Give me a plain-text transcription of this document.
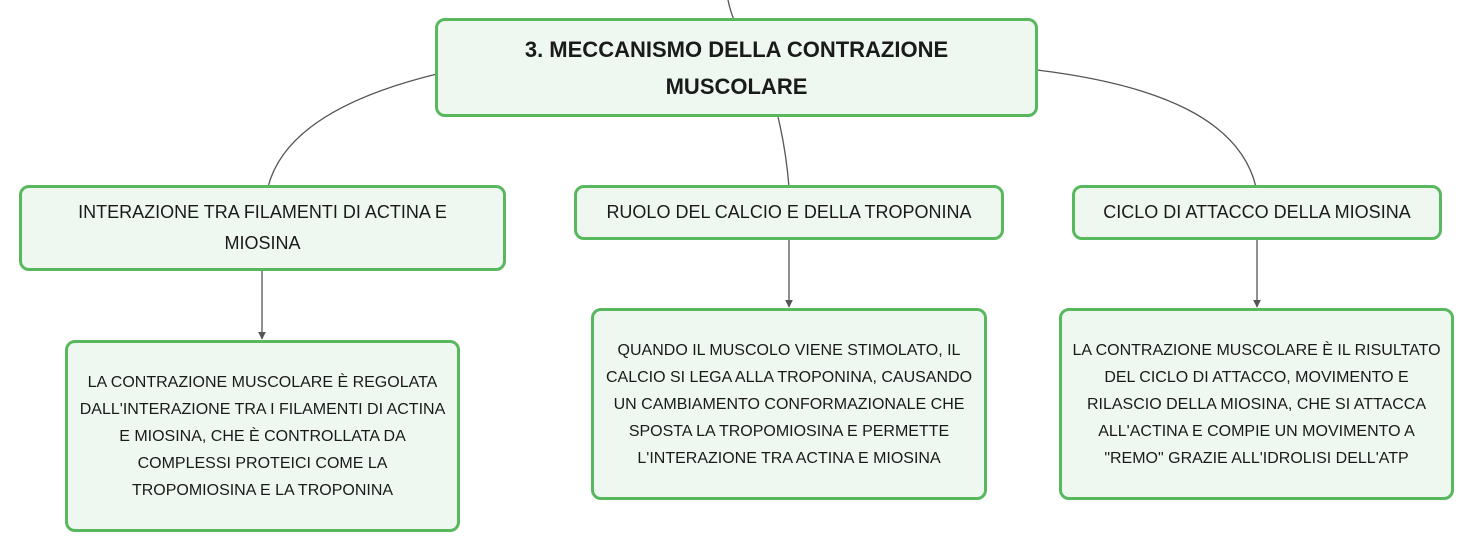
3. MECCANISMO DELLA CONTRAZIONE MUSCOLARE
INTERAZIONE TRA FILAMENTI DI ACTINA E MIOSINA
RUOLO DEL CALCIO E DELLA TROPONINA	CICLO DI ATTACCO DELLA MIOSINA
LA CONTRAZIONE MUSCOLARE È REGOLATA DALL'INTERAZIONE TRA I FILAMENTI DI ACTINA E MIOSINA, CHE È CONTROLLATA DA COMPLESSI PROTEICI COME LA TROPOMIOSINA E LA TROPONINA
QUANDO IL MUSCOLO VIENE STIMOLATO, IL CALCIO SI LEGA ALLA TROPONINA, CAUSANDO UN CAMBIAMENTO CONFORMAZIONALE CHE SPOSTA LA TROPOMIOSINA E PERMETTE L'INTERAZIONE TRA ACTINA E MIOSINA
LA CONTRAZIONE MUSCOLARE È IL RISULTATO DEL CICLO DI ATTACCO, MOVIMENTO E RILASCIO DELLA MIOSINA, CHE SI ATTACCA ALL'ACTINA E COMPIE UN MOVIMENTO A "REMO" GRAZIE ALL'IDROLISI DELL'ATP
